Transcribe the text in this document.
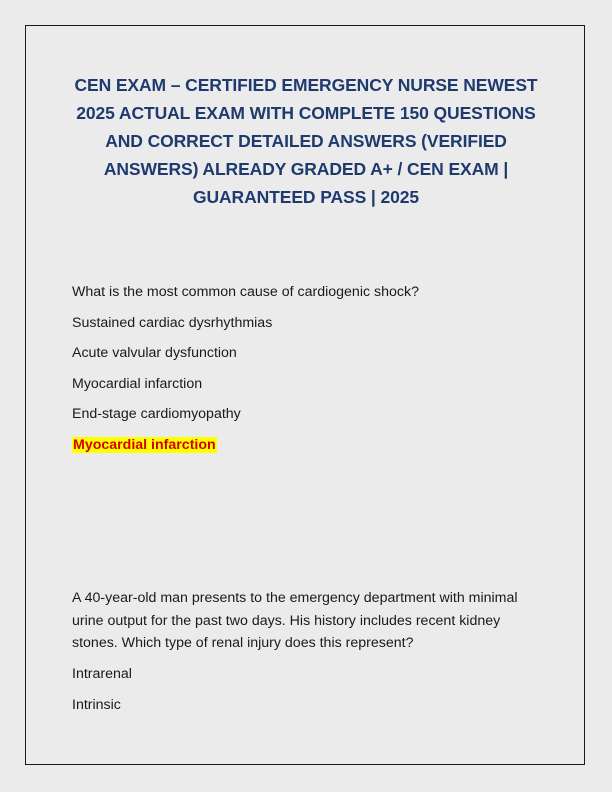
CEN EXAM – CERTIFIED EMERGENCY NURSE NEWEST
2025 ACTUAL EXAM WITH COMPLETE 150 QUESTIONS
AND CORRECT DETAILED ANSWERS (VERIFIED
ANSWERS) ALREADY GRADED A+ / CEN EXAM |
GUARANTEED PASS | 2025
What is the most common cause of cardiogenic shock?
Sustained cardiac dysrhythmias
Acute valvular dysfunction
Myocardial infarction
End-stage cardiomyopathy
Myocardial infarction
A 40-year-old man presents to the emergency department with minimal
urine output for the past two days. His history includes recent kidney
stones. Which type of renal injury does this represent?
Intrarenal
Intrinsic
